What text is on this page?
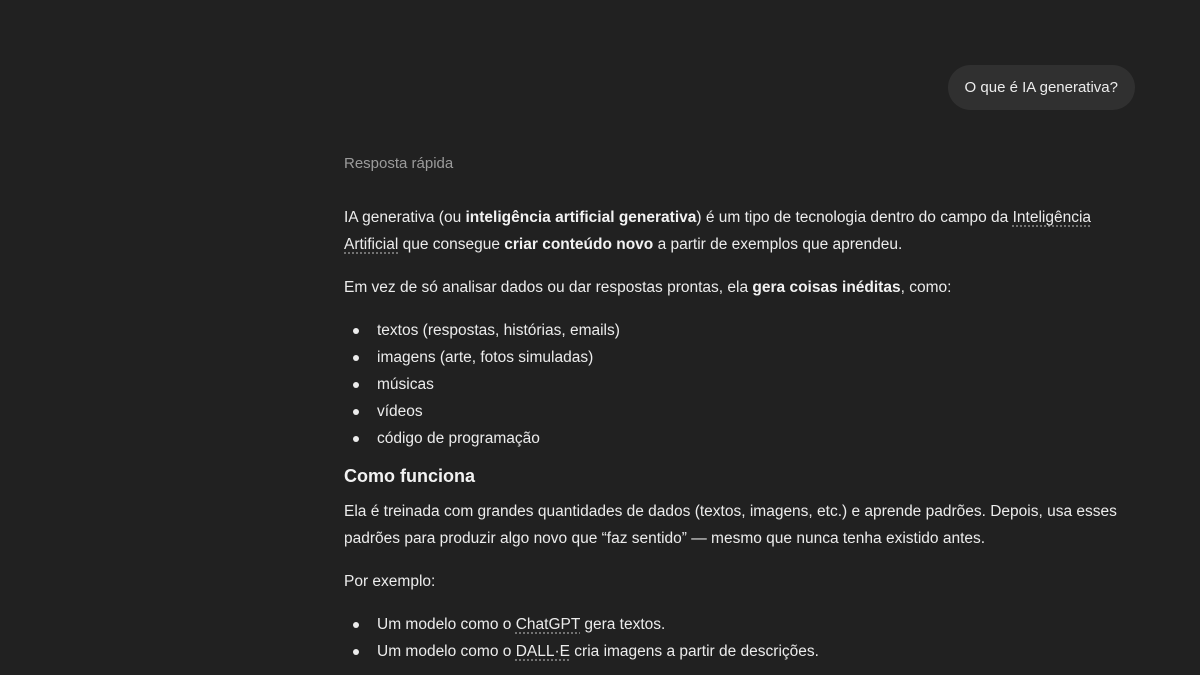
O que é IA generativa?
Resposta rápida

IA generativa (ou inteligência artificial generativa) é um tipo de tecnologia dentro do campo da Inteligência Artificial que consegue criar conteúdo novo a partir de exemplos que aprendeu.

Em vez de só analisar dados ou dar respostas prontas, ela gera coisas inéditas, como:

textos (respostas, histórias, emails)
imagens (arte, fotos simuladas)
músicas
vídeos
código de programação
Como funciona

Ela é treinada com grandes quantidades de dados (textos, imagens, etc.) e aprende padrões. Depois, usa esses padrões para produzir algo novo que “faz sentido” — mesmo que nunca tenha existido antes.

Por exemplo:

Um modelo como o ChatGPT gera textos.
Um modelo como o DALL·E cria imagens a partir de descrições.
